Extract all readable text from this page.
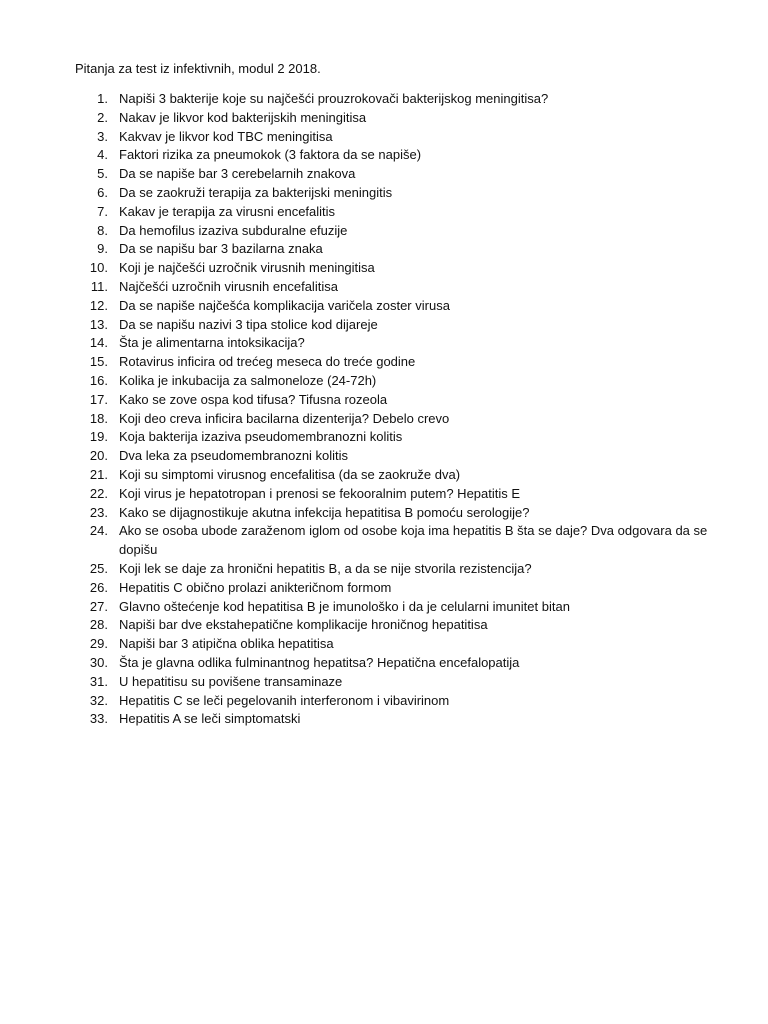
Pitanja za test iz infektivnih, modul 2 2018.
1. Napiši 3 bakterije koje su najčešći prouzrokovači bakterijskog meningitisa?
2. Nakav je likvor kod bakterijskih meningitisa
3. Kakvav je likvor kod TBC meningitisa
4. Faktori rizika za pneumokok (3 faktora da se napiše)
5. Da se napiše bar 3 cerebelarnih znakova
6. Da se zaokruži terapija za bakterijski meningitis
7. Kakav je terapija za virusni encefalitis
8. Da hemofilus izaziva subduralne efuzije
9. Da se napišu bar 3 bazilarna znaka
10. Koji je najčešći uzročnik virusnih meningitisa
11. Najčešći uzročnih virusnih encefalitisa
12. Da se napiše najčešća komplikacija varičela zoster virusa
13. Da se napišu nazivi 3 tipa stolice kod dijareje
14. Šta je alimentarna intoksikacija?
15. Rotavirus inficira od trećeg meseca do treće godine
16. Kolika je inkubacija za salmoneloze (24-72h)
17. Kako se zove ospa kod tifusa? Tifusna rozeola
18. Koji deo creva inficira bacilarna dizenterija? Debelo crevo
19. Koja bakterija izaziva pseudomembranozni kolitis
20. Dva leka za pseudomembranozni kolitis
21. Koji su simptomi virusnog encefalitisa (da se zaokruže dva)
22. Koji virus je hepatotropan i prenosi se fekooralnim putem? Hepatitis E
23. Kako se dijagnostikuje akutna infekcija hepatitisa B pomoću serologije?
24. Ako se osoba ubode zaraženom iglom od osobe koja ima hepatitis B šta se daje? Dva odgovara da se dopišu
25. Koji lek se daje za hronični hepatitis B, a da se nije stvorila rezistencija?
26. Hepatitis C obično prolazi anikteričnom formom
27. Glavno oštećenje kod hepatitisa B je imunološko i da je celularni imunitet bitan
28. Napiši bar dve ekstahepatične komplikacije hroničnog hepatitisa
29. Napiši bar 3 atipična oblika hepatitisa
30. Šta je glavna odlika fulminantnog hepatitsa? Hepatična encefalopatija
31. U hepatitisu su povišene transaminaze
32. Hepatitis C se leči pegelovanih interferonom i vibavirinom
33. Hepatitis A se leči simptomatski
